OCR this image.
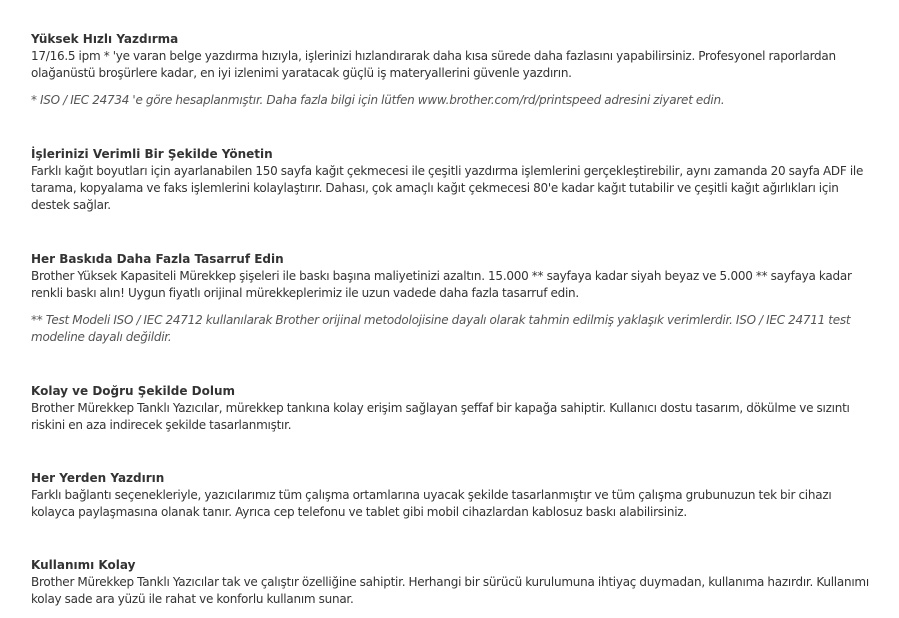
Yüksek Hızlı Yazdırma

17/16.5 ipm * 'ye varan belge yazdırma hızıyla, işlerinizi hızlandırarak daha kısa sürede daha fazlasını yapabilirsiniz. Profesyonel raporlardan olağanüstü broşürlere kadar, en iyi izlenimi yaratacak güçlü iş materyallerini güvenle yazdırın.

* ISO / IEC 24734 'e göre hesaplanmıştır. Daha fazla bilgi için lütfen www.brother.com/rd/printspeed adresini ziyaret edin.

İşlerinizi Verimli Bir Şekilde Yönetin

Farklı kağıt boyutları için ayarlanabilen 150 sayfa kağıt çekmecesi ile çeşitli yazdırma işlemlerini gerçekleştirebilir, aynı zamanda 20 sayfa ADF ile tarama, kopyalama ve faks işlemlerini kolaylaştırır. Dahası, çok amaçlı kağıt çekmecesi 80'e kadar kağıt tutabilir ve çeşitli kağıt ağırlıkları için destek sağlar.

Her Baskıda Daha Fazla Tasarruf Edin

Brother Yüksek Kapasiteli Mürekkep şişeleri ile baskı başına maliyetinizi azaltın. 15.000 ** sayfaya kadar siyah beyaz ve 5.000 ** sayfaya kadar renkli baskı alın! Uygun fiyatlı orijinal mürekkeplerimiz ile uzun vadede daha fazla tasarruf edin.

** Test Modeli ISO / IEC 24712 kullanılarak Brother orijinal metodolojisine dayalı olarak tahmin edilmiş yaklaşık verimlerdir. ISO / IEC 24711 test modeline dayalı değildir.

Kolay ve Doğru Şekilde Dolum

Brother Mürekkep Tanklı Yazıcılar, mürekkep tankına kolay erişim sağlayan şeffaf bir kapağa sahiptir. Kullanıcı dostu tasarım, dökülme ve sızıntı riskini en aza indirecek şekilde tasarlanmıştır.

Her Yerden Yazdırın

Farklı bağlantı seçenekleriyle, yazıcılarımız tüm çalışma ortamlarına uyacak şekilde tasarlanmıştır ve tüm çalışma grubunuzun tek bir cihazı kolayca paylaşmasına olanak tanır. Ayrıca cep telefonu ve tablet gibi mobil cihazlardan kablosuz baskı alabilirsiniz.

Kullanımı Kolay

Brother Mürekkep Tanklı Yazıcılar tak ve çalıştır özelliğine sahiptir. Herhangi bir sürücü kurulumuna ihtiyaç duymadan, kullanıma hazırdır. Kullanımı kolay sade ara yüzü ile rahat ve konforlu kullanım sunar.
